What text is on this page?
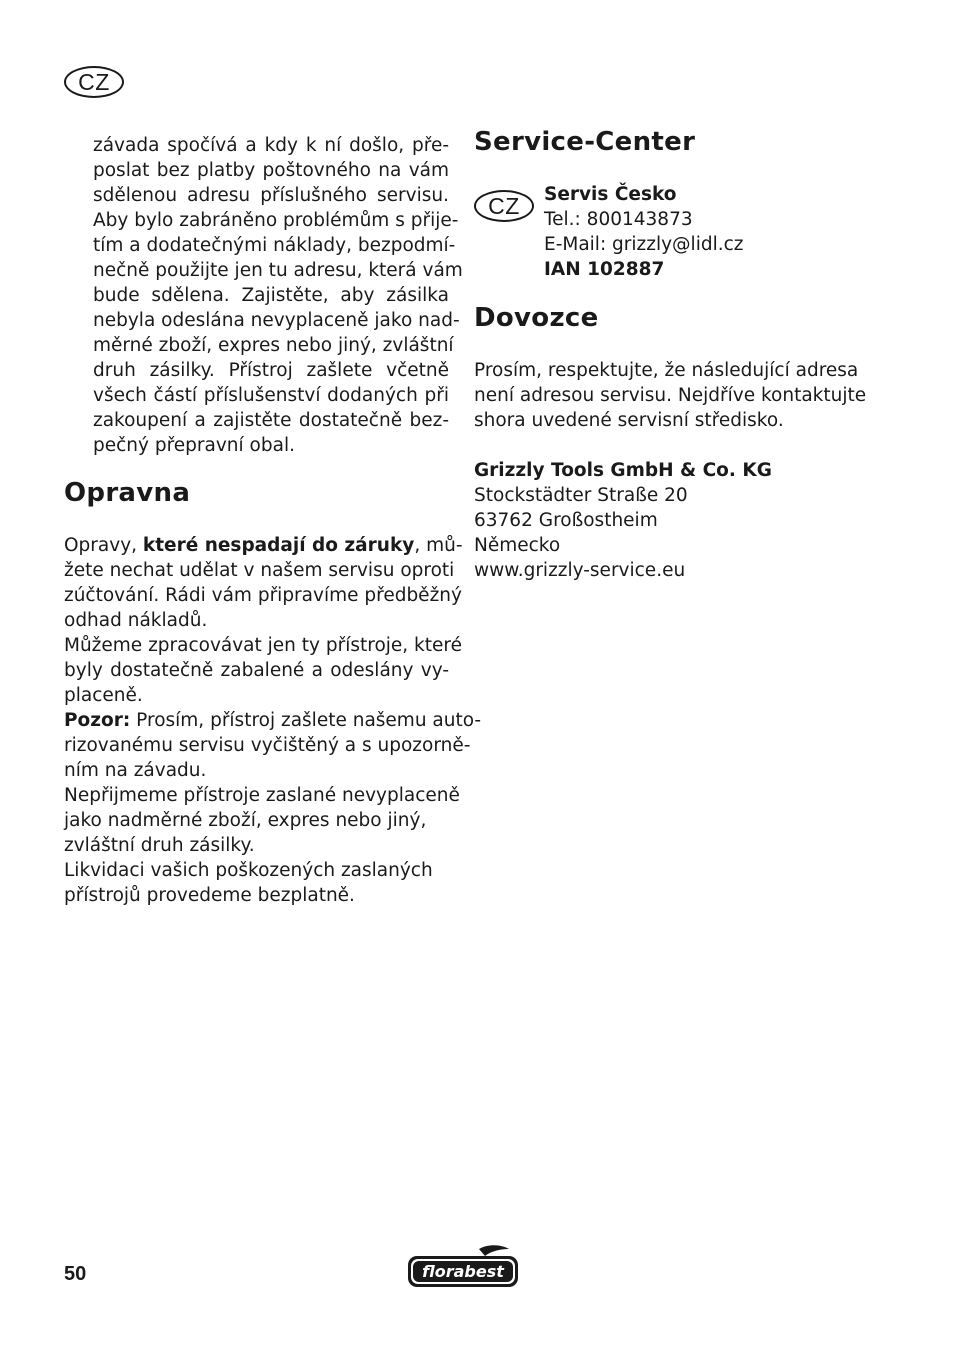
CZ
závada spočívá a kdy k ní došlo, pře-
poslat bez platby poštovného na vám
sdělenou adresu příslušného servisu.
Aby bylo zabráněno problémům s přije-
tím a dodatečnými náklady, bezpodmí-
nečně použijte jen tu adresu, která vám
bude sdělena. Zajistěte, aby zásilka
nebyla odeslána nevyplaceně jako nad-
měrné zboží, expres nebo jiný, zvláštní
druh zásilky. Přístroj zašlete včetně
všech částí příslušenství dodaných při
zakoupení a zajistěte dostatečně bez-
pečný přepravní obal.
Opravna
Opravy, které nespadají do záruky, mů-
žete nechat udělat v našem servisu oproti
zúčtování. Rádi vám připravíme předběžný
odhad nákladů.
Můžeme zpracovávat jen ty přístroje, které
byly dostatečně zabalené a odeslány vy-
placeně.
Pozor: Prosím, přístroj zašlete našemu auto-
rizovanému servisu vyčištěný a s upozorně-
ním na závadu.
Nepřijmeme přístroje zaslané nevyplaceně
jako nadměrné zboží, expres nebo jiný,
zvláštní druh zásilky.
Likvidaci vašich poškozených zaslaných
přístrojů provedeme bezplatně.
Service-Center
CZ	Servis Česko
Tel.: 800143873
E-Mail: grizzly@lidl.cz
IAN 102887
Dovozce
Prosím, respektujte, že následující adresa
není adresou servisu. Nejdříve kontaktujte
shora uvedené servisní středisko.
Grizzly Tools GmbH & Co. KG
Stockstädter Straße 20
63762 Großostheim
Německo
www.grizzly-service.eu
50	florabest
